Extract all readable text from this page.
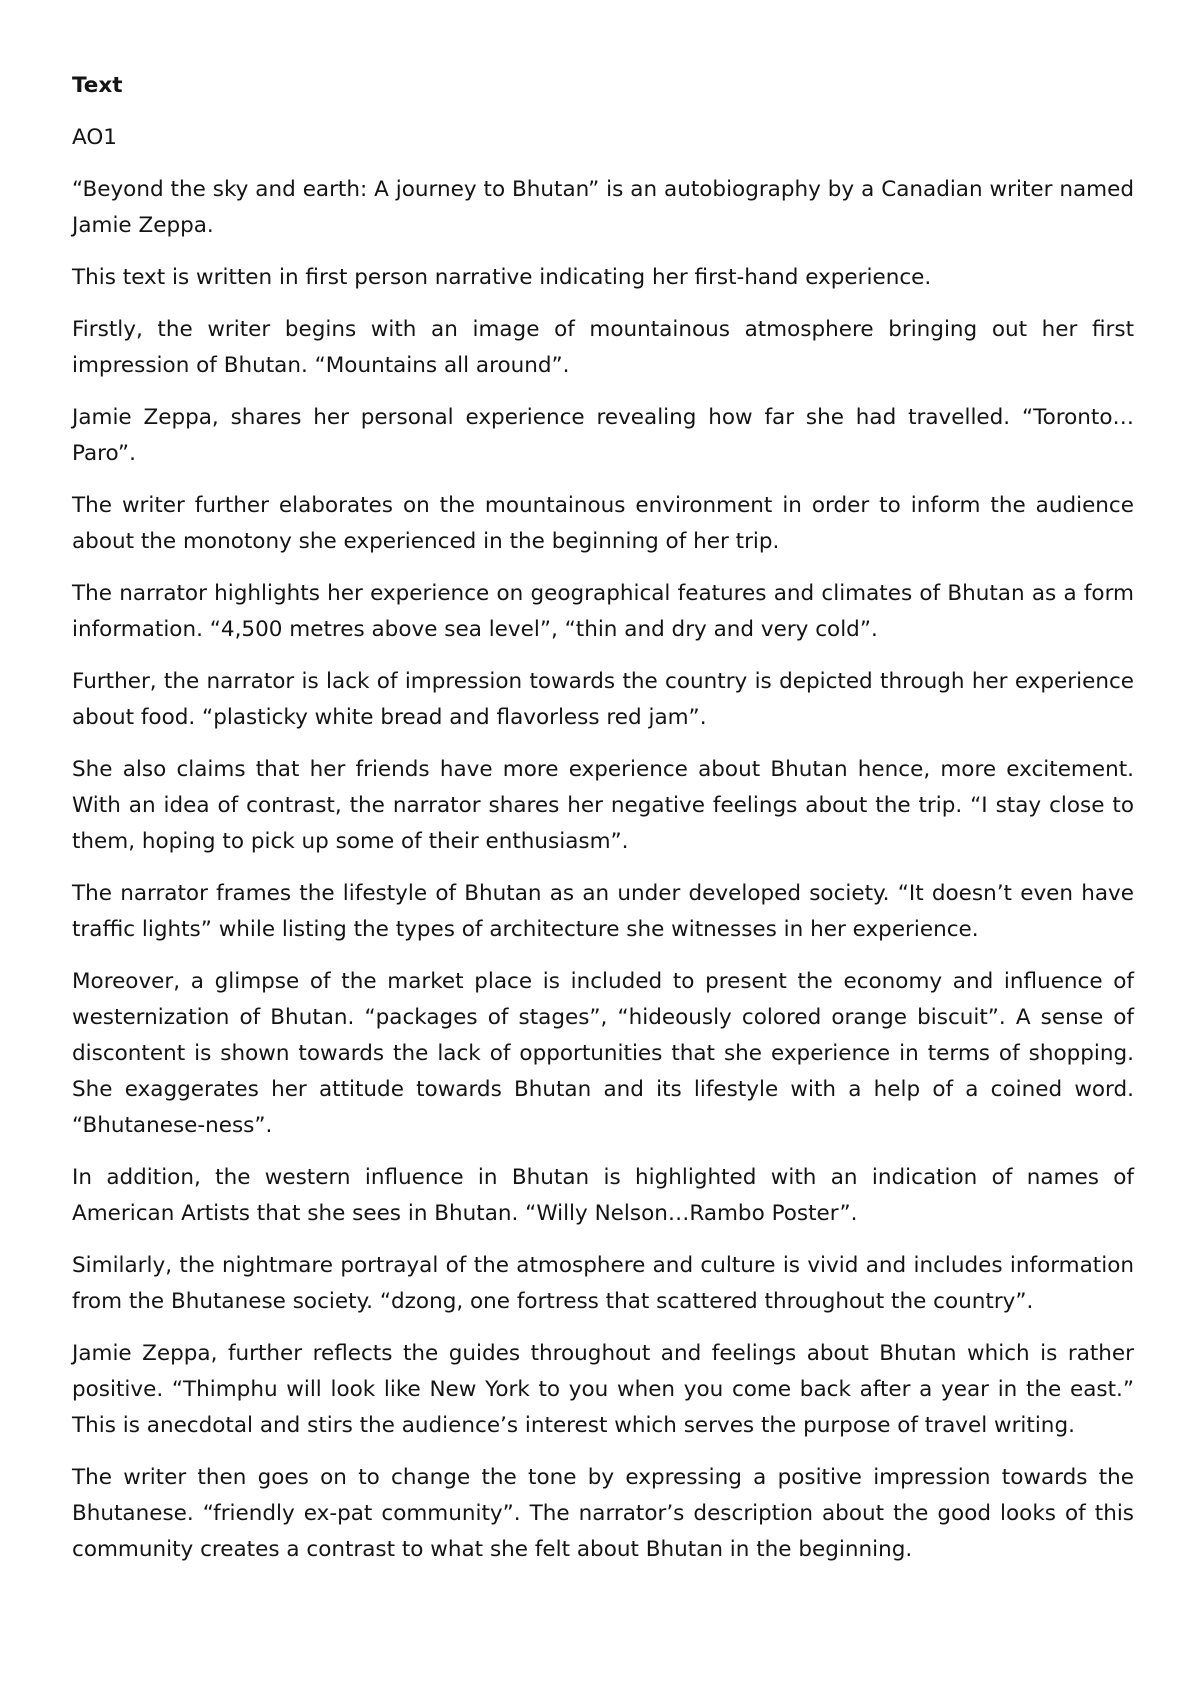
Text

AO1

“Beyond the sky and earth: A journey to Bhutan” is an autobiography by a Canadian writer named Jamie Zeppa.

This text is written in first person narrative indicating her first-hand experience.

Firstly, the writer begins with an image of mountainous atmosphere bringing out her first impression of Bhutan. “Mountains all around”.

Jamie Zeppa, shares her personal experience revealing how far she had travelled. “Toronto…Paro”.

The writer further elaborates on the mountainous environment in order to inform the audience about the monotony she experienced in the beginning of her trip.

The narrator highlights her experience on geographical features and climates of Bhutan as a form information. “4,500 metres above sea level”, “thin and dry and very cold”.

Further, the narrator is lack of impression towards the country is depicted through her experience about food. “plasticky white bread and flavorless red jam”.

She also claims that her friends have more experience about Bhutan hence, more excitement. With an idea of contrast, the narrator shares her negative feelings about the trip. “I stay close to them, hoping to pick up some of their enthusiasm”.

The narrator frames the lifestyle of Bhutan as an under developed society. “It doesn’t even have traffic lights” while listing the types of architecture she witnesses in her experience.

Moreover, a glimpse of the market place is included to present the economy and influence of westernization of Bhutan. “packages of stages”, “hideously colored orange biscuit”. A sense of discontent is shown towards the lack of opportunities that she experience in terms of shopping. She exaggerates her attitude towards Bhutan and its lifestyle with a help of a coined word. “Bhutanese-ness”.

In addition, the western influence in Bhutan is highlighted with an indication of names of American Artists that she sees in Bhutan. “Willy Nelson…Rambo Poster”.

Similarly, the nightmare portrayal of the atmosphere and culture is vivid and includes information from the Bhutanese society. “dzong, one fortress that scattered throughout the country”.

Jamie Zeppa, further reflects the guides throughout and feelings about Bhutan which is rather positive. “Thimphu will look like New York to you when you come back after a year in the east.” This is anecdotal and stirs the audience’s interest which serves the purpose of travel writing.

The writer then goes on to change the tone by expressing a positive impression towards the Bhutanese. “friendly ex-pat community”. The narrator’s description about the good looks of this community creates a contrast to what she felt about Bhutan in the beginning.
